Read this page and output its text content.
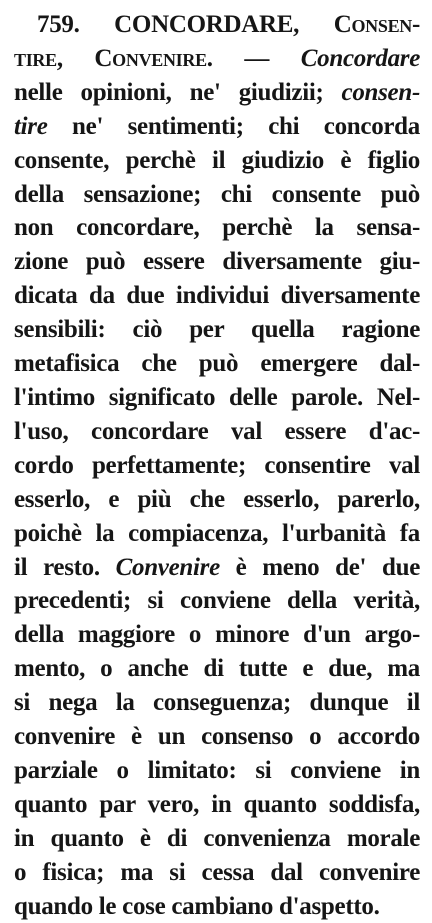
759. CONCORDARE, Consen-
tire, Convenire. — Concordare
nelle opinioni, ne' giudizii; consen-
tire ne' sentimenti; chi concorda
consente, perchè il giudizio è figlio
della sensazione; chi consente può
non concordare, perchè la sensa-
zione può essere diversamente giu-
dicata da due individui diversamente
sensibili: ciò per quella ragione
metafisica che può emergere dal-
l'intimo significato delle parole. Nel-
l'uso, concordare val essere d'ac-
cordo perfettamente; consentire val
esserlo, e più che esserlo, parerlo,
poichè la compiacenza, l'urbanità fa
il resto. Convenire è meno de' due
precedenti; si conviene della verità,
della maggiore o minore d'un argo-
mento, o anche di tutte e due, ma
si nega la conseguenza; dunque il
convenire è un consenso o accordo
parziale o limitato: si conviene in
quanto par vero, in quanto soddisfa,
in quanto è di convenienza morale
o fisica; ma si cessa dal convenire
quando le cose cambiano d'aspetto.
